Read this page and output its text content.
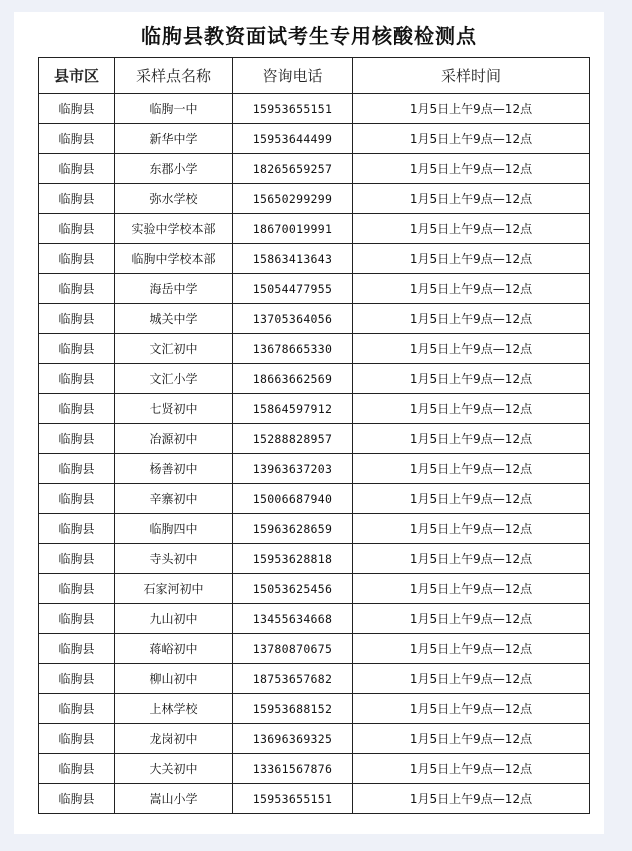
临朐县教资面试考生专用核酸检测点
县市区	采样点名称	咨询电话	采样时间
临朐县	临朐一中	15953655151	1月5日上午9点—12点
临朐县	新华中学	15953644499	1月5日上午9点—12点
临朐县	东郡小学	18265659257	1月5日上午9点—12点
临朐县	弥水学校	15650299299	1月5日上午9点—12点
临朐县	实验中学校本部	18670019991	1月5日上午9点—12点
临朐县	临朐中学校本部	15863413643	1月5日上午9点—12点
临朐县	海岳中学	15054477955	1月5日上午9点—12点
临朐县	城关中学	13705364056	1月5日上午9点—12点
临朐县	文汇初中	13678665330	1月5日上午9点—12点
临朐县	文汇小学	18663662569	1月5日上午9点—12点
临朐县	七贤初中	15864597912	1月5日上午9点—12点
临朐县	冶源初中	15288828957	1月5日上午9点—12点
临朐县	杨善初中	13963637203	1月5日上午9点—12点
临朐县	辛寨初中	15006687940	1月5日上午9点—12点
临朐县	临朐四中	15963628659	1月5日上午9点—12点
临朐县	寺头初中	15953628818	1月5日上午9点—12点
临朐县	石家河初中	15053625456	1月5日上午9点—12点
临朐县	九山初中	13455634668	1月5日上午9点—12点
临朐县	蒋峪初中	13780870675	1月5日上午9点—12点
临朐县	柳山初中	18753657682	1月5日上午9点—12点
临朐县	上林学校	15953688152	1月5日上午9点—12点
临朐县	龙岗初中	13696369325	1月5日上午9点—12点
临朐县	大关初中	13361567876	1月5日上午9点—12点
临朐县	嵩山小学	15953655151	1月5日上午9点—12点
